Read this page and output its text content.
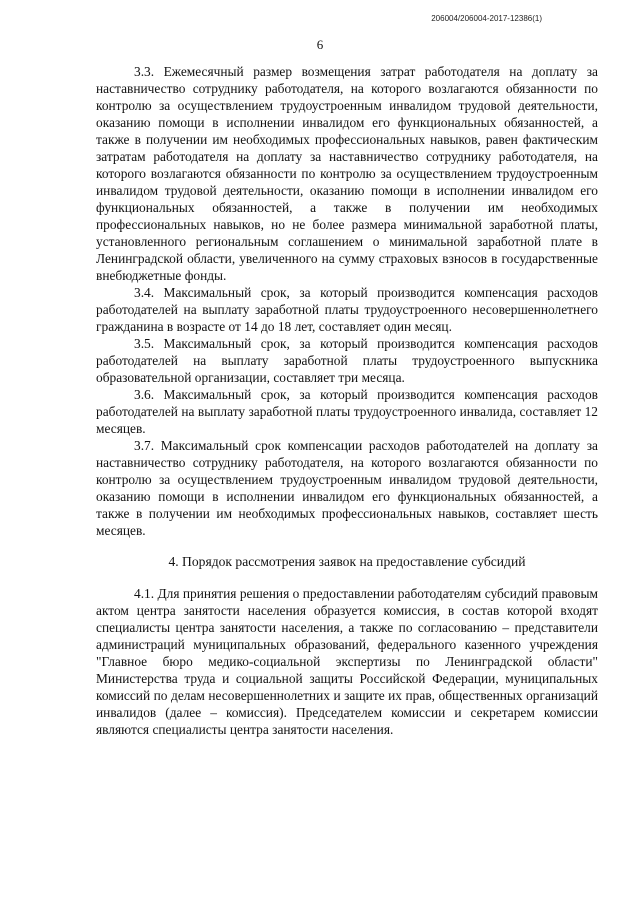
206004/206004-2017-12386(1)
6

3.3. Ежемесячный размер возмещения затрат работодателя на доплату за наставничество сотруднику работодателя, на которого возлагаются обязанности по контролю за осуществлением трудоустроенным инвалидом трудовой деятельности, оказанию помощи в исполнении инвалидом его функциональных обязанностей, а также в получении им необходимых профессиональных навыков, равен фактическим затратам работодателя на доплату за наставничество сотруднику работодателя, на которого возлагаются обязанности по контролю за осуществлением трудоустроенным инвалидом трудовой деятельности, оказанию помощи в исполнении инвалидом его функциональных обязанностей, а также в получении им необходимых профессиональных навыков, но не более размера минимальной заработной платы, установленного региональным соглашением о минимальной заработной плате в Ленинградской области, увеличенного на сумму страховых взносов в государственные внебюджетные фонды.

3.4. Максимальный срок, за который производится компенсация расходов работодателей на выплату заработной платы трудоустроенного несовершеннолетнего гражданина в возрасте от 14 до 18 лет, составляет один месяц.

3.5. Максимальный срок, за который производится компенсация расходов работодателей на выплату заработной платы трудоустроенного выпускника образовательной организации, составляет три месяца.

3.6. Максимальный срок, за который производится компенсация расходов работодателей на выплату заработной платы трудоустроенного инвалида, составляет 12 месяцев.

3.7. Максимальный срок компенсации расходов работодателей на доплату за наставничество сотруднику работодателя, на которого возлагаются обязанности по контролю за осуществлением трудоустроенным инвалидом трудовой деятельности, оказанию помощи в исполнении инвалидом его функциональных обязанностей, а также в получении им необходимых профессиональных навыков, составляет шесть месяцев.

4. Порядок рассмотрения заявок на предоставление субсидий

4.1. Для принятия решения о предоставлении работодателям субсидий правовым актом центра занятости населения образуется комиссия, в состав которой входят специалисты центра занятости населения, а также по согласованию – представители администраций муниципальных образований, федерального казенного учреждения "Главное бюро медико-социальной экспертизы по Ленинградской области" Министерства труда и социальной защиты Российской Федерации, муниципальных комиссий по делам несовершеннолетних и защите их прав, общественных организаций инвалидов (далее – комиссия). Председателем комиссии и секретарем комиссии являются специалисты центра занятости населения.
